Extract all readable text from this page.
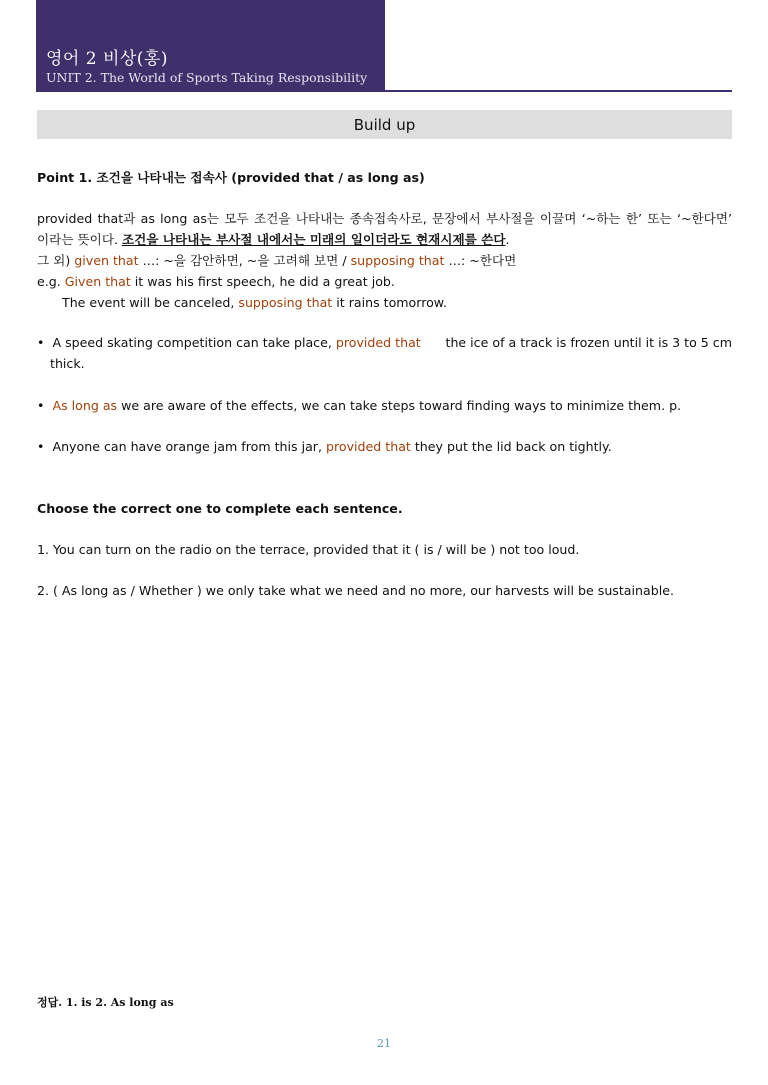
영어 2 비상(홍)
UNIT 2. The World of Sports Taking Responsibility
Build up
Point 1. 조건을 나타내는 접속사 (provided that / as long as)
provided that과 as long as는 모두 조건을 나타내는 종속접속사로, 문장에서 부사절을 이끌며 ‘~하는 한’ 또는 ‘~한다면’
이라는 뜻이다. 조건을 나타내는 부사절 내에서는 미래의 일이더라도 현재시제를 쓴다.
그 외) given that …: ~을 감안하면, ~을 고려해 보면 / supposing that …: ~한다면
e.g. Given that it was his first speech, he did a great job.
The event will be canceled, supposing that it rains tomorrow.
• A speed skating competition can take place, provided that the ice of a track is frozen until it is 3 to 5 cm
thick.
• As long as we are aware of the effects, we can take steps toward finding ways to minimize them. p.
• Anyone can have orange jam from this jar, provided that they put the lid back on tightly.
Choose the correct one to complete each sentence.
1. You can turn on the radio on the terrace, provided that it ( is / will be ) not too loud.
2. ( As long as / Whether ) we only take what we need and no more, our harvests will be sustainable.
정답. 1. is 2. As long as
21
